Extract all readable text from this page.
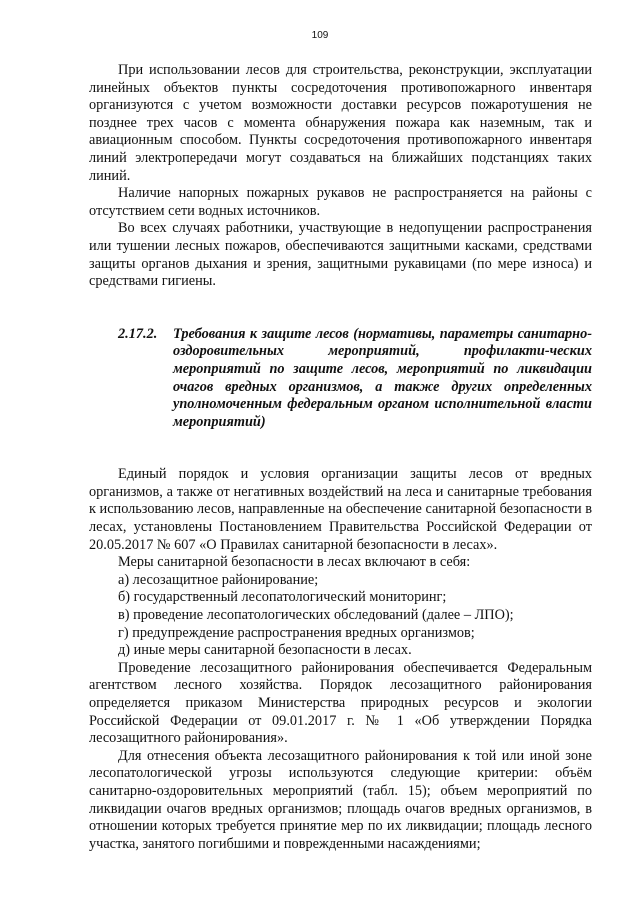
109

При использовании лесов для строительства, реконструкции, эксплуатации линейных объектов пункты сосредоточения противопожарного инвентаря организуются с учетом возможности доставки ресурсов пожаротушения не позднее трех часов с момента обнаружения пожара как наземным, так и авиационным способом. Пункты сосредоточения противопожарного инвентаря линий электропередачи могут создаваться на ближайших подстанциях таких линий.

Наличие напорных пожарных рукавов не распространяется на районы с отсутствием сети водных источников.

Во всех случаях работники, участвующие в недопущении распространения или тушении лесных пожаров, обеспечиваются защитными касками, средствами защиты органов дыхания и зрения, защитными рукавицами (по мере износа) и средствами гигиены.

2.17.2.	Требования к защите лесов (нормативы, параметры санитарно-оздоровительных мероприятий, профилакти-ческих мероприятий по защите лесов, мероприятий по ликвидации очагов вредных организмов, а также других определенных уполномоченным федеральным органом исполнительной власти мероприятий)

Единый порядок и условия организации защиты лесов от вредных организмов, а также от негативных воздействий на леса и санитарные требования к использованию лесов, направленные на обеспечение санитарной безопасности в лесах, установлены Постановлением Правительства Российской Федерации от 20.05.2017 № 607 «О Правилах санитарной безопасности в лесах».

Меры санитарной безопасности в лесах включают в себя:

а) лесозащитное районирование;

б) государственный лесопатологический мониторинг;

в) проведение лесопатологических обследований (далее – ЛПО);

г) предупреждение распространения вредных организмов;

д) иные меры санитарной безопасности в лесах.

Проведение лесозащитного районирования обеспечивается Федеральным агентством лесного хозяйства. Порядок лесозащитного районирования определяется приказом Министерства природных ресурсов и экологии Российской Федерации от 09.01.2017 г. № 1 «Об утверждении Порядка лесозащитного районирования».

Для отнесения объекта лесозащитного районирования к той или иной зоне лесопатологической угрозы используются следующие критерии: объём санитарно-оздоровительных мероприятий (табл. 15); объем мероприятий по ликвидации очагов вредных организмов; площадь очагов вредных организмов, в отношении которых требуется принятие мер по их ликвидации; площадь лесного участка, занятого погибшими и поврежденными насаждениями;
